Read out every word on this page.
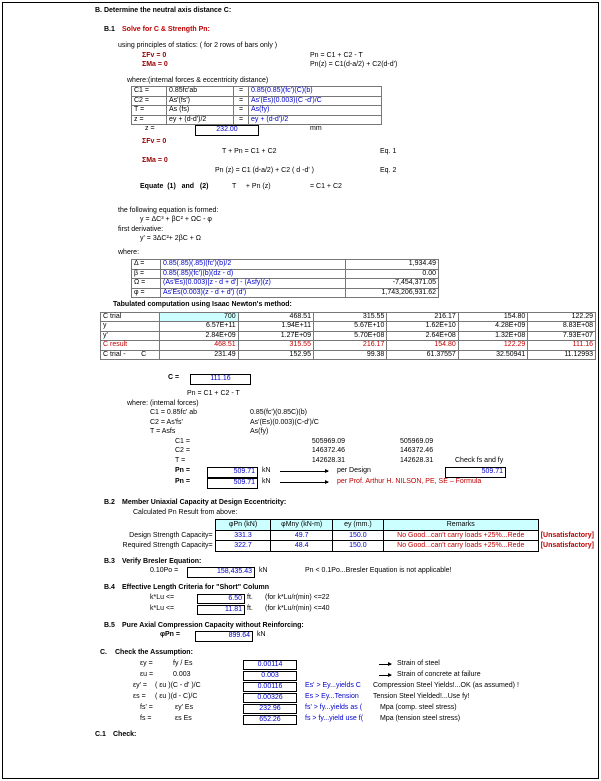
B. Determine the neutral axis distance C:
B.1 Solve for C & Strength Pn:
using principles of statics: ( for 2 rows of bars only )
ΣFv = 0	Pn = C1 + C2 - T
ΣMa = 0	Pn(z) = C1(d-a/2) + C2(d-d')
where:(internal forces & eccentricity distance)
C1 =	0.85fc'ab	=	0.85(0.85)(fc')(C)(b)
C2 =	As'(fs')	=	As'(Es)(0.003)(C -d')/C
T =	As (fs)	=	As(fy)
z =	ey + (d-d')/2	=	ey + (d-d')/2
z =	232.00	mm
ΣFv = 0
T + Pn = C1 + C2	Eq. 1
ΣMa = 0
Pn (z) = C1 (d-a/2) + C2 ( d -d' )	Eq. 2
Equate  (1)   and   (2)	T     + Pn (z)	= C1 + C2
the following equation is formed:
y = ΔC³ + βC² + ΩC - φ
first derivative:
y' = 3ΔC²+ 2βC + Ω
where:
Δ =	0.85(.85)(.85)(fc')(b)/2	1,934.49
β =	0.85(.85)(fc')(b)(dz - d)	0.00
Ω =	(As'Es)(0.003)[z - d + d'] - (Asfy)(z)	-7,454,371.05
φ =	As'Es(0.003)(z - d + d') (d')	1,743,206,931.62
Tabulated computation using Isaac Newton's method:
C trial	700	468.51	315.55	216.17	154.80	122.29
y	6.57E+11	1.94E+11	5.67E+10	1.62E+10	4.28E+09	8.83E+08
y'	2.84E+09	1.27E+09	5.70E+08	2.64E+08	1.32E+08	7.93E+07
C result	468.51	315.55	216.17	154.80	122.29	111.16
C trial -        C	231.49	152.95	99.38	61.37557	32.50941	11.12993
C =	111.16
Pn = C1 + C2 - T
where: (internal forces)
C1 = 0.85fc' ab	0.85(fc')(0.85C)(b)
C2 = As'fs'	As'(Es)(0.003)(C-d')/C
T = Asfs	As(fy)
C1 =	505969.09	505969.09
C2 =	146372.46	146372.46
T =	142628.31	142628.31	Check fs and fy
Pn =	509.71	kN	per Design	509.71
Pn =	509.71	kN	per Prof. Arthur H. NILSON, PE, SE – Formula
B.2 Member Uniaxial Capacity at Design Eccentricity:
Calculated Pn Result from above:
	φPn (kN)	φMny (kN-m)	ey (mm.)	Remarks	
Design Strength Capacity=	331.3	49.7	150.0	No Good...can't carry loads +25%...Rede	[Unsatisfactory]
Required Strength Capacity=	322.7	48.4	150.0	No Good...can't carry loads +25%...Rede	[Unsatisfactory]
B.3 Verify Bresler Equation:
0.10Po =	158,435.43	kN	Pn < 0.1Po...Bresler Equation is not applicable!
B.4 Effective Length Criteria for "Short" Column
k*Lu <=	6.50 ft. (for k*Lu/r(min) <=22
k*Lu <=	11.81 ft. (for k*Lu/r(min) <=40
B.5 Pure Axial Compression Capacity without Reinforcing:
φPn =	899.64	kN
C. Check the Assumption:
εy =	fy / Es	0.00114	Strain of steel
εu =	0.003	0.003	Strain of concrete at failure
εy' = ( εu )(C - d' )/C	0.00116	Es' > Ey...yields C Compression Steel Yields!...OK (as assumed) !
εs = ( εu )(d - C)/C	0.00326	Es > Ey...Tension Tension Steel Yielded!...Use fy!
fs' =	εy' Es	232.96	fs' > fy...yields as (	Mpa (comp. steel stress)
fs =	εs Es	652.26	fs > fy...yield use f( Mpa (tension steel stress)
C.1 Check:
